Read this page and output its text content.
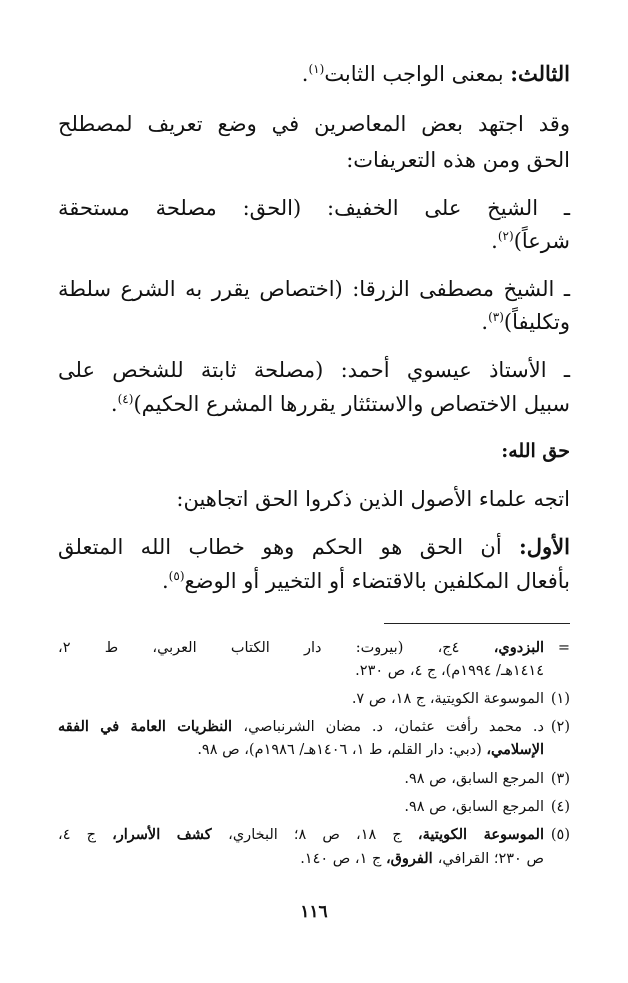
الثالث: بمعنى الواجب الثابت$^{(١)}$.
وقد اجتهد بعض المعاصرين في وضع تعريف لمصطلح
الحق ومن هذه التعريفات:
ـ الشيخ على الخفيف: (الحق: مصلحة مستحقة
شرعاً)$^{(٢)}$.
ـ الشيخ مصطفى الزرقا: (اختصاص يقرر به الشرع سلطة
وتكليفاً)$^{(٣)}$.
ـ الأستاذ عيسوي أحمد: (مصلحة ثابتة للشخص على
سبيل الاختصاص والاستئثار يقررها المشرع الحكيم)$^{(٤)}$.
حق الله:
اتجه علماء الأصول الذين ذكروا الحق اتجاهين:
الأول: أن الحق هو الحكم وهو خطاب الله المتعلق
بأفعال المكلفين بالاقتضاء أو التخيير أو الوضع$^{(٥)}$.
=البزدوي، ٤ج، (بيروت: دار الكتاب العربي، ط ٢،
١٤١٤هـ/ ١٩٩٤م)، ج ٤، ص ٢٣٠.
(١)الموسوعة الكويتية، ج ١٨، ص ٧.
(٢)د. محمد رأفت عثمان، د. مضان الشرنباصي، النظريات العامة في الفقه
الإسلامي، (دبي: دار القلم، ط ١، ١٤٠٦هـ/ ١٩٨٦م)، ص ٩٨.
(٣)المرجع السابق، ص ٩٨.
(٤)المرجع السابق، ص ٩٨.
(٥)الموسوعة الكويتية، ج ١٨، ص ٨؛ البخاري، كشف الأسرار، ج ٤،
ص ٢٣٠؛ القرافي، الفروق، ج ١، ص ١٤٠.
١١٦
